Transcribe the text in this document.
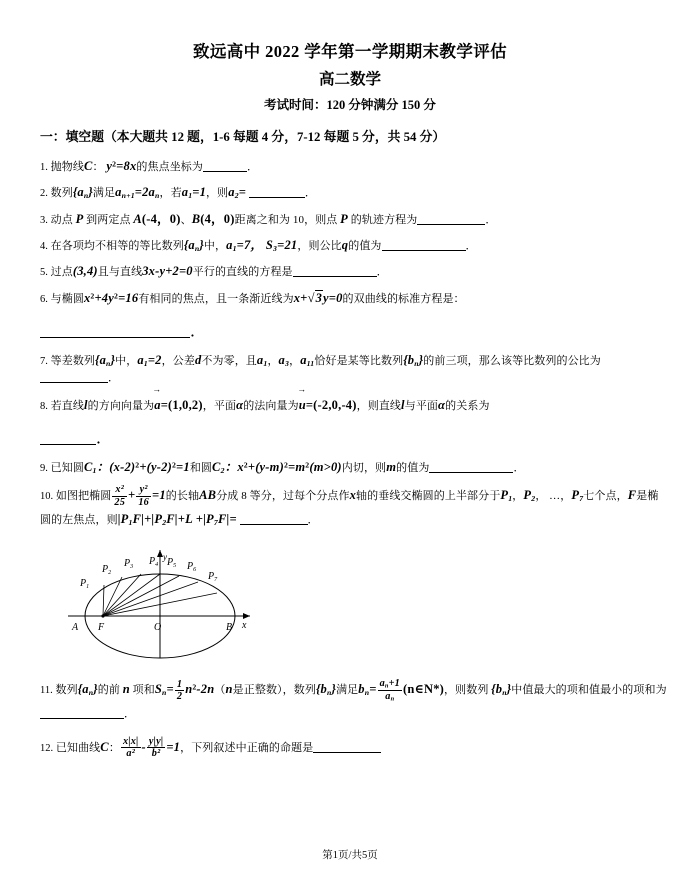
致远高中 2022 学年第一学期期末教学评估
高二数学
考试时间：120 分钟满分 150 分
一：填空题（本大题共 12 题，1-6 每题 4 分，7-12 每题 5 分，共 54 分）
1. 抛物线C： $y^2=8x$的焦点坐标为	．
2. 数列$\{a_n\}$满足$a_{n+1}=2a_n$，若$a_1=1$，则$a_2=$	．
3. 动点 P 到两定点 A(-4，0)、B(4，0)距离之和为 10，则点 P 的轨迹方程为	．
4. 在各项均不相等的等比数列$\{a_n\}$中，$a_1=7$， $S_3=21$，则公比q的值为	．
5. 过点(3,4)且与直线3x-y+2=0平行的直线的方程是	．
6. 与椭圆$x^2+4y^2=16$有相同的焦点，且一条渐近线为x+√3y=0的双曲线的标准方程是：
．
7. 等差数列$\{a_n\}$中，$a_1=2$，公差d不为零，且$a_1$，$a_3$，$a_{11}$恰好是某等比数列$\{b_n\}$的前三项，那么该等比数列的公比为．
8. 若直线l的方向向量为→ a=(1,0,2)，平面α的法向量为→ u=(-2,0,-4)，则直线l与平面α的关系为
．
9. 已知圆$C_1$：$(x-2)^2+(y-2)^2=1$和圆$C_2$：$x^2+(y-m)^2=m^2(m>0)$内切，则m的值为	．
10. 如图把椭圆 $\frac{\text{x²}}{25} + \frac{\text{y²}}{16} =1$的长轴AB分成 8 等分，过每个分点作x轴的垂线交椭圆的上半部分于$P_1$，$P_2$， …，$P_7$七个点，F是椭圆的左焦点，则$|P_1F|+|P_2F|+L +|P_7F|=$	．
$P_1$
$P_2$
$P_3$ $P_4$ $P_5$ $P_6$
$P_7$
A F	O	B x
y
11. 数列$\{a_n\}$的前 n 项和$S_n= \frac{1}{2} n^2-2n(n$是正整数），数列$\{b_n\}$满足$b_n= \frac{a_n+1}{a_n}$ (n∈N*)，则数列 $\{b_n\}$中值最大的项和值最小的项和为．
12. 已知曲线C： $\frac{x|x|}{\text{a²}} - \frac{y|y|}{\text{b²}} =1$，下列叙述中正确的命题是
第1页/共5页
